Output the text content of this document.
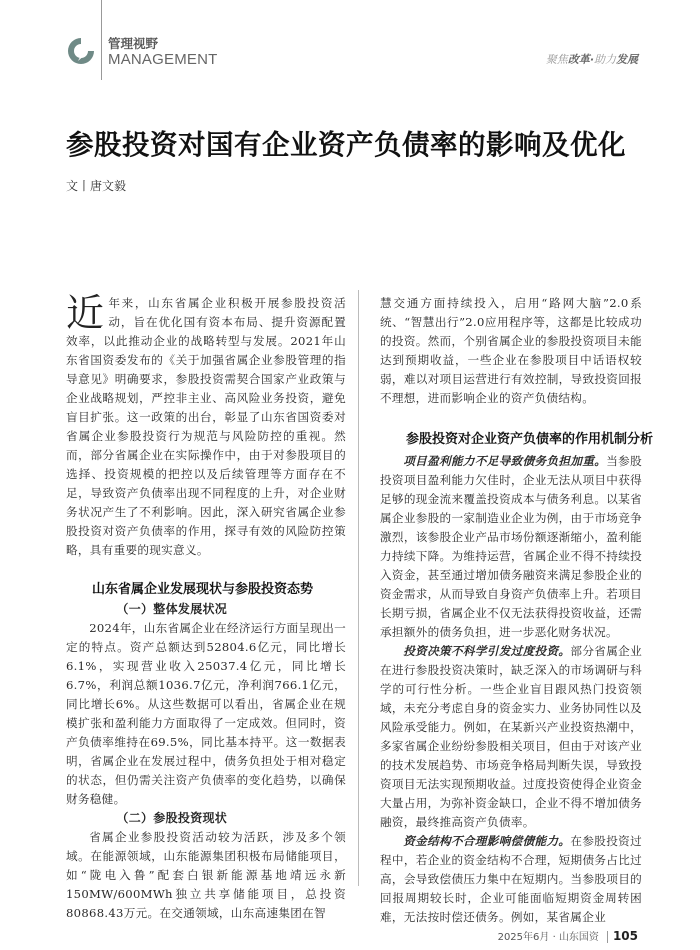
管理视野
MANAGEMENT	聚焦改革·助力发展
参股投资对国有企业资产负债率的影响及优化
文丨唐文毅

近年来，山东省属企业积极开展参股投资活动，旨在优化国有资本布局、提升资源配置效率，以此推动企业的战略转型与发展。2021年山东省国资委发布的《关于加强省属企业参股管理的指导意见》明确要求，参股投资需契合国家产业政策与企业战略规划，严控非主业、高风险业务投资，避免盲目扩张。这一政策的出台，彰显了山东省国资委对省属企业参股投资行为规范与风险防控的重视。然而，部分省属企业在实际操作中，由于对参股项目的选择、投资规模的把控以及后续管理等方面存在不足，导致资产负债率出现不同程度的上升，对企业财务状况产生了不利影响。因此，深入研究省属企业参股投资对资产负债率的作用，探寻有效的风险防控策略，具有重要的现实意义。

山东省属企业发展现状与参股投资态势

（一）整体发展状况

2024年，山东省属企业在经济运行方面呈现出一定的特点。资产总额达到52804.6亿元，同比增长6.1%，实现营业收入25037.4亿元，同比增长6.7%，利润总额1036.7亿元，净利润766.1亿元，同比增长6%。从这些数据可以看出，省属企业在规模扩张和盈利能力方面取得了一定成效。但同时，资产负债率维持在69.5%，同比基本持平。这一数据表明，省属企业在发展过程中，债务负担处于相对稳定的状态，但仍需关注资产负债率的变化趋势，以确保财务稳健。

（二）参股投资现状

省属企业参股投资活动较为活跃，涉及多个领域。在能源领域，山东能源集团积极布局储能项目，如“陇电入鲁”配套白银新能源基地靖远永新150MW/600MWh独立共享储能项目，总投资80868.43万元。在交通领域，山东高速集团在智

慧交通方面持续投入，启用“路网大脑”2.0系统、“智慧出行”2.0应用程序等，这都是比较成功的投资。然而，个别省属企业的参股投资项目未能达到预期收益，一些企业在参股项目中话语权较弱，难以对项目运营进行有效控制，导致投资回报不理想，进而影响企业的资产负债结构。

参股投资对企业资产负债率的作用机制分析

项目盈利能力不足导致债务负担加重。当参股投资项目盈利能力欠佳时，企业无法从项目中获得足够的现金流来覆盖投资成本与债务利息。以某省属企业参股的一家制造业企业为例，由于市场竞争激烈，该参股企业产品市场份额逐渐缩小，盈利能力持续下降。为维持运营，省属企业不得不持续投入资金，甚至通过增加债务融资来满足参股企业的资金需求，从而导致自身资产负债率上升。若项目长期亏损，省属企业不仅无法获得投资收益，还需承担额外的债务负担，进一步恶化财务状况。

投资决策不科学引发过度投资。部分省属企业在进行参股投资决策时，缺乏深入的市场调研与科学的可行性分析。一些企业盲目跟风热门投资领域，未充分考虑自身的资金实力、业务协同性以及风险承受能力。例如，在某新兴产业投资热潮中，多家省属企业纷纷参股相关项目，但由于对该产业的技术发展趋势、市场竞争格局判断失误，导致投资项目无法实现预期收益。过度投资使得企业资金大量占用，为弥补资金缺口，企业不得不增加债务融资，最终推高资产负债率。

资金结构不合理影响偿债能力。在参股投资过程中，若企业的资金结构不合理，短期债务占比过高，会导致偿债压力集中在短期内。当参股项目的回报周期较长时，企业可能面临短期资金周转困难，无法按时偿还债务。例如，某省属企业

2025年6月 · 山东国资 105
